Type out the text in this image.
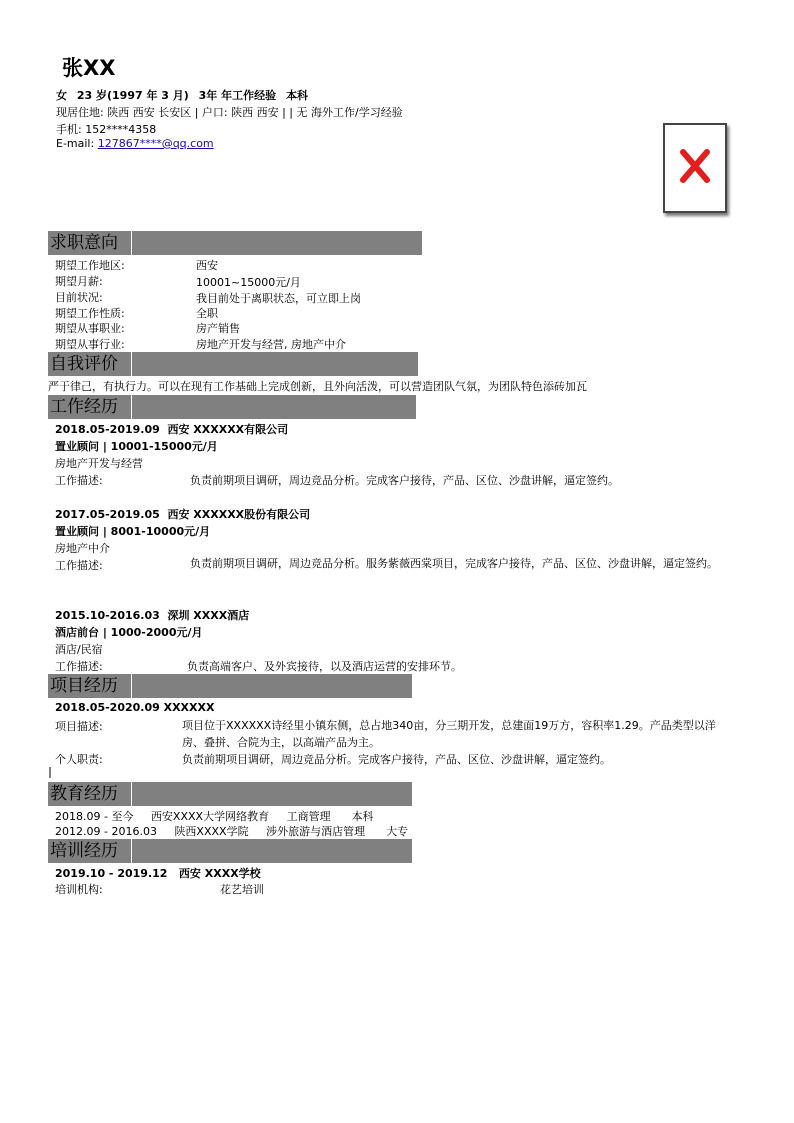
张XX
女 23 岁(1997 年 3 月) 3年 年工作经验 本科
现居住地: 陕西 西安 长安区 | 户口: 陕西 西安 | | 无 海外工作/学习经验
手机: 152****4358
E-mail: 127867****@qq.com
求职意向
期望工作地区:	西安
期望月薪:	10001~15000元/月
目前状况:	我目前处于离职状态，可立即上岗
期望工作性质:	全职
期望从事职业:	房产销售
期望从事行业:	房地产开发与经营, 房地产中介
自我评价
严于律己，有执行力。可以在现有工作基础上完成创新，且外向活泼，可以营造团队气氛，为团队特色添砖加瓦
工作经历
2018.05-2019.09 西安 XXXXXX有限公司
置业顾问 | 10001-15000元/月
房地产开发与经营
工作描述:	负责前期项目调研，周边竞品分析。完成客户接待，产品、区位、沙盘讲解，逼定签约。
2017.05-2019.05 西安 XXXXXX股份有限公司
置业顾问 | 8001-10000元/月
房地产中介
工作描述:	负责前期项目调研，周边竞品分析。服务紫薇西棠项目，完成客户接待，产品、区位、沙盘讲解，逼定签约。
2015.10-2016.03 深圳 XXXX酒店
酒店前台 | 1000-2000元/月
酒店/民宿
工作描述:	负责高端客户、及外宾接待，以及酒店运营的安排环节。
项目经历
2018.05-2020.09 XXXXXX
项目描述:	项目位于XXXXXX诗经里小镇东侧，总占地340亩，分三期开发，总建面19万方，容积率1.29。产品类型以洋房、叠拼、合院为主，以高端产品为主。
个人职责:	负责前期项目调研，周边竞品分析。完成客户接待，产品、区位、沙盘讲解，逼定签约。
教育经历
2018.09 - 至今 西安XXXX大学网络教育 工商管理 本科
2012.09 - 2016.03 陕西XXXX学院 涉外旅游与酒店管理 大专
培训经历
2019.10 - 2019.12   西安 XXXX学校
培训机构:	花艺培训
